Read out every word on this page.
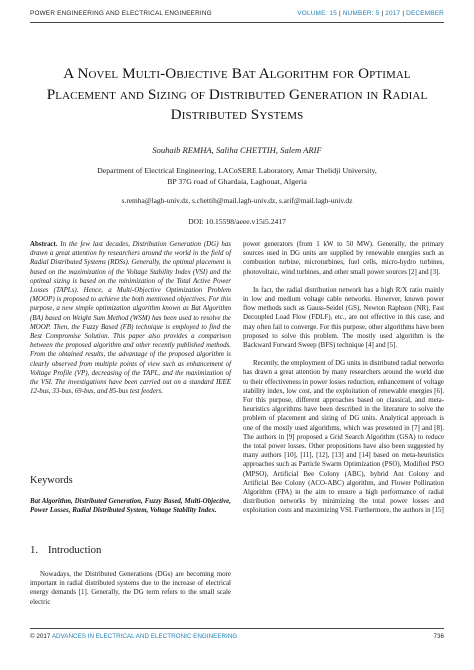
POWER ENGINEERING AND ELECTRICAL ENGINEERING	VOLUME: 15 | NUMBER: 5 | 2017 | DECEMBER
A Novel Multi-Objective Bat Algorithm for Optimal Placement and Sizing of Distributed Generation in Radial Distributed Systems
Souhaib REMHA, Saliha CHETTIH, Salem ARIF
Department of Electrical Engineering, LACoSERE Laboratory, Amar Thelidji University,
BP 37G road of Ghardaia, Laghouat, Algeria
s.remha@lagh-univ.dz, s.chettih@mail.lagh-univ.dz, s.arif@mail.lagh-univ.dz
DOI: 10.15598/aeee.v15i5.2417

Abstract. In the few last decades, Distribution Generation (DG) has drawn a great attention by researchers around the world in the field of Radial Distributed Systems (RDSs). Generally, the optimal placement is based on the maximization of the Voltage Stability Index (VSI) and the optimal sizing is based on the minimization of the Total Active Power Losses (TAPLs). Hence, a Multi-Objective Optimization Problem (MOOP) is proposed to achieve the both mentioned objectives. For this purpose, a new simple optimization algorithm known as Bat Algorithm (BA) based on Weight Sum Method (WSM) has been used to resolve the MOOP. Then, the Fuzzy Based (FB) technique is employed to find the Best Compromise Solution. This paper also provides a comparison between the proposed algorithm and other recently published methods. From the obtained results, the advantage of the proposed algorithm is clearly observed from multiple points of view such as enhancement of Voltage Profile (VP), decreasing of the TAPL, and the maximization of the VSI. The investigations have been carried out on a standard IEEE 12-bus, 33-bus, 69-bus, and 85-bus test feeders.

Keywords
Bat Algorithm, Distributed Generation, Fuzzy Based, Multi-Objective, Power Losses, Radial Distributed System, Voltage Stability Index.
1. Introduction

Nowadays, the Distributed Generations (DGs) are becoming more important in radial distributed systems due to the increase of electrical energy demands [1]. Generally, the DG term refers to the small scale electric

power generators (from 1 kW to 50 MW). Generally, the primary sources used in DG units are supplied by renewable energies such as combustion turbine, microturbines, fuel cells, micro-hydro turbines, photovoltaic, wind turbines, and other small power sources [2] and [3].

In fact, the radial distribution network has a high R/X ratio mainly in low and medium voltage cable networks. However, known power flow methods such as Gauss-Seidel (GS), Newton Raphson (NR), Fast Decoupled Load Flow (FDLF), etc., are not effective in this case, and may often fail to converge. For this purpose, other algorithms have been proposed to solve this problem. The mostly used algorithm is the Backward Forward Sweep (BFS) technique [4] and [5].

Recently, the employment of DG units in distributed radial networks has drawn a great attention by many researchers around the world due to their effectiveness in power losses reduction, enhancement of voltage stability index, low cost, and the exploitation of renewable energies [6]. For this purpose, different approaches based on classical, and meta-heuristics algorithms have been described in the literature to solve the problem of placement and sizing of DG units. Analytical approach is one of the mostly used algorithms, which was presented in [7] and [8]. The authors in [9] proposed a Grid Search Algorithm (GSA) to reduce the total power losses. Other propositions have also been suggested by many authors [10], [11], [12], [13] and [14] based on meta-heuristics approaches such as Particle Swarm Optimization (PSO), Modified PSO (MPSO), Artificial Bee Colony (ABC), hybrid Ant Colony and Artificial Bee Colony (ACO-ABC) algorithm, and Flower Pollination Algorithm (FPA) in the aim to ensure a high performance of radial distribution networks by minimizing the total power losses and exploitation costs and maximizing VSI. Furthermore, the authors in [15]

© 2017 ADVANCES IN ELECTRICAL AND ELECTRONIC ENGINEERING	736
